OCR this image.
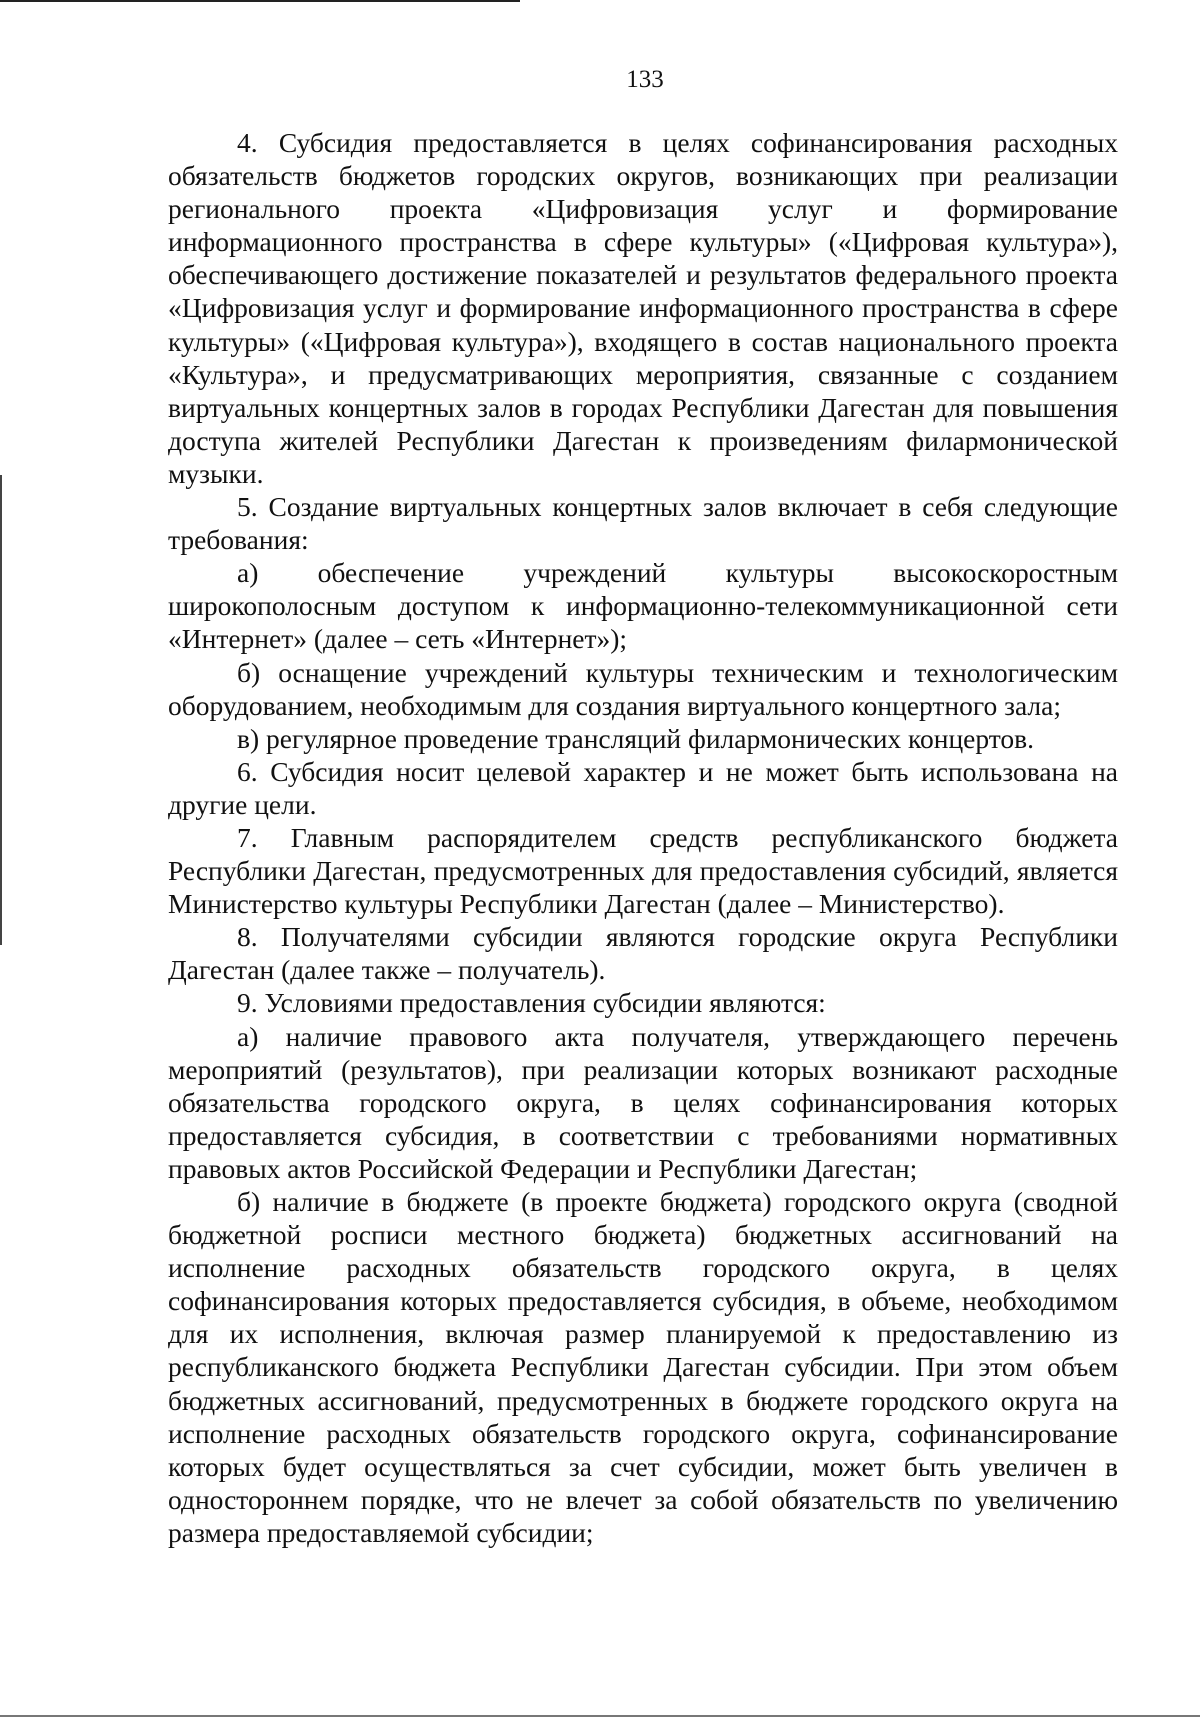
133

4. Субсидия предоставляется в целях софинансирования расходных обязательств бюджетов городских округов, возникающих при реализации регионального проекта «Цифровизация услуг и формирование информационного пространства в сфере культуры» («Цифровая культура»), обеспечивающего достижение показателей и результатов федерального проекта «Цифровизация услуг и формирование информационного пространства в сфере культуры» («Цифровая культура»), входящего в состав национального проекта «Культура», и предусматривающих мероприятия, связанные с созданием виртуальных концертных залов в городах Республики Дагестан для повышения доступа жителей Республики Дагестан к произведениям филармонической музыки.

5. Создание виртуальных концертных залов включает в себя следующие требования:

а) обеспечение учреждений культуры высокоскоростным широкополосным доступом к информационно-телекоммуникационной сети «Интернет» (далее – сеть «Интернет»);

б) оснащение учреждений культуры техническим и технологическим оборудованием, необходимым для создания виртуального концертного зала;

в) регулярное проведение трансляций филармонических концертов.

6. Субсидия носит целевой характер и не может быть использована на другие цели.

7. Главным распорядителем средств республиканского бюджета Республики Дагестан, предусмотренных для предоставления субсидий, является Министерство культуры Республики Дагестан (далее – Министерство).

8. Получателями субсидии являются городские округа Республики Дагестан (далее также – получатель).

9. Условиями предоставления субсидии являются:

а) наличие правового акта получателя, утверждающего перечень мероприятий (результатов), при реализации которых возникают расходные обязательства городского округа, в целях софинансирования которых предоставляется субсидия, в соответствии с требованиями нормативных правовых актов Российской Федерации и Республики Дагестан;

б) наличие в бюджете (в проекте бюджета) городского округа (сводной бюджетной росписи местного бюджета) бюджетных ассигнований на исполнение расходных обязательств городского округа, в целях софинансирования которых предоставляется субсидия, в объеме, необходимом для их исполнения, включая размер планируемой к предоставлению из республиканского бюджета Республики Дагестан субсидии. При этом объем бюджетных ассигнований, предусмотренных в бюджете городского округа на исполнение расходных обязательств городского округа, софинансирование которых будет осуществляться за счет субсидии, может быть увеличен в одностороннем порядке, что не влечет за собой обязательств по увеличению размера предоставляемой субсидии;
